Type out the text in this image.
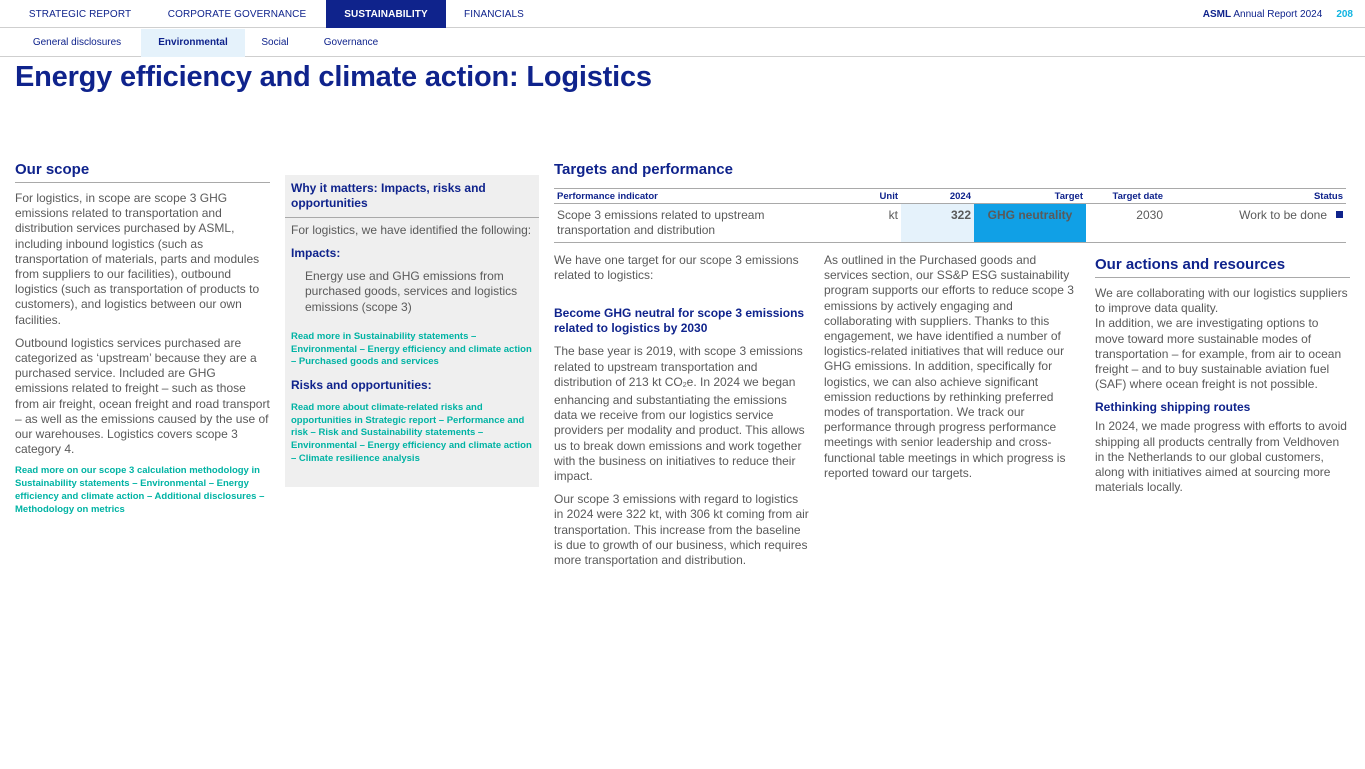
STRATEGIC REPORT	CORPORATE GOVERNANCE	SUSTAINABILITY	FINANCIALS	ASML Annual Report 2024 208
General disclosures	Environmental	Social	Governance
Energy efficiency and climate action: Logistics
Our scope

For logistics, in scope are scope 3 GHG emissions related to transportation and distribution services purchased by ASML, including inbound logistics (such as transportation of materials, parts and modules from suppliers to our facilities), outbound logistics (such as transportation of products to customers), and logistics between our own facilities.

Outbound logistics services purchased are categorized as ‘upstream’ because they are a purchased service. Included are GHG emissions related to freight – such as those from air freight, ocean freight and road transport – as well as the emissions caused by the use of our warehouses. Logistics covers scope 3 category 4.

Read more on our scope 3 calculation methodology in Sustainability statements – Environmental – Energy efficiency and climate action – Additional disclosures – Methodology on metrics

Why it matters: Impacts, risks and opportunities

For logistics, we have identified the following:

Impacts:

Energy use and GHG emissions from purchased goods, services and logistics emissions (scope 3)

Read more in Sustainability statements – Environmental – Energy efficiency and climate action – Purchased goods and services

Risks and opportunities:

Read more about climate-related risks and opportunities in Strategic report – Performance and risk – Risk and Sustainability statements – Environmental – Energy efficiency and climate action – Climate resilience analysis

Targets and performance
Performance indicator	Unit	2024	Target	Target date	Status
Scope 3 emissions related to upstream transportation and distribution	kt	322	GHG neutrality	2030	Work to be done

We have one target for our scope 3 emissions related to logistics:

Become GHG neutral for scope 3 emissions related to logistics by 2030

The base year is 2019, with scope 3 emissions related to upstream transportation and distribution of 213 kt $CO_2e$. In 2024 we began enhancing and substantiating the emissions data we receive from our logistics service providers per modality and product. This allows us to break down emissions and work together with the business on initiatives to reduce their impact.

Our scope 3 emissions with regard to logistics in 2024 were 322 kt, with 306 kt coming from air transportation. This increase from the baseline is due to growth of our business, which requires more transportation and distribution.

As outlined in the Purchased goods and services section, our SS&P ESG sustainability program supports our efforts to reduce scope 3 emissions by actively engaging and collaborating with suppliers. Thanks to this engagement, we have identified a number of logistics-related initiatives that will reduce our GHG emissions. In addition, specifically for logistics, we can also achieve significant emission reductions by rethinking preferred modes of transportation. We track our performance through progress performance meetings with senior leadership and cross-functional table meetings in which progress is reported toward our targets.

Our actions and resources

We are collaborating with our logistics suppliers to improve data quality.

In addition, we are investigating options to move toward more sustainable modes of transportation – for example, from air to ocean freight – and to buy sustainable aviation fuel (SAF) where ocean freight is not possible.

Rethinking shipping routes

In 2024, we made progress with efforts to avoid shipping all products centrally from Veldhoven in the Netherlands to our global customers, along with initiatives aimed at sourcing more materials locally.
